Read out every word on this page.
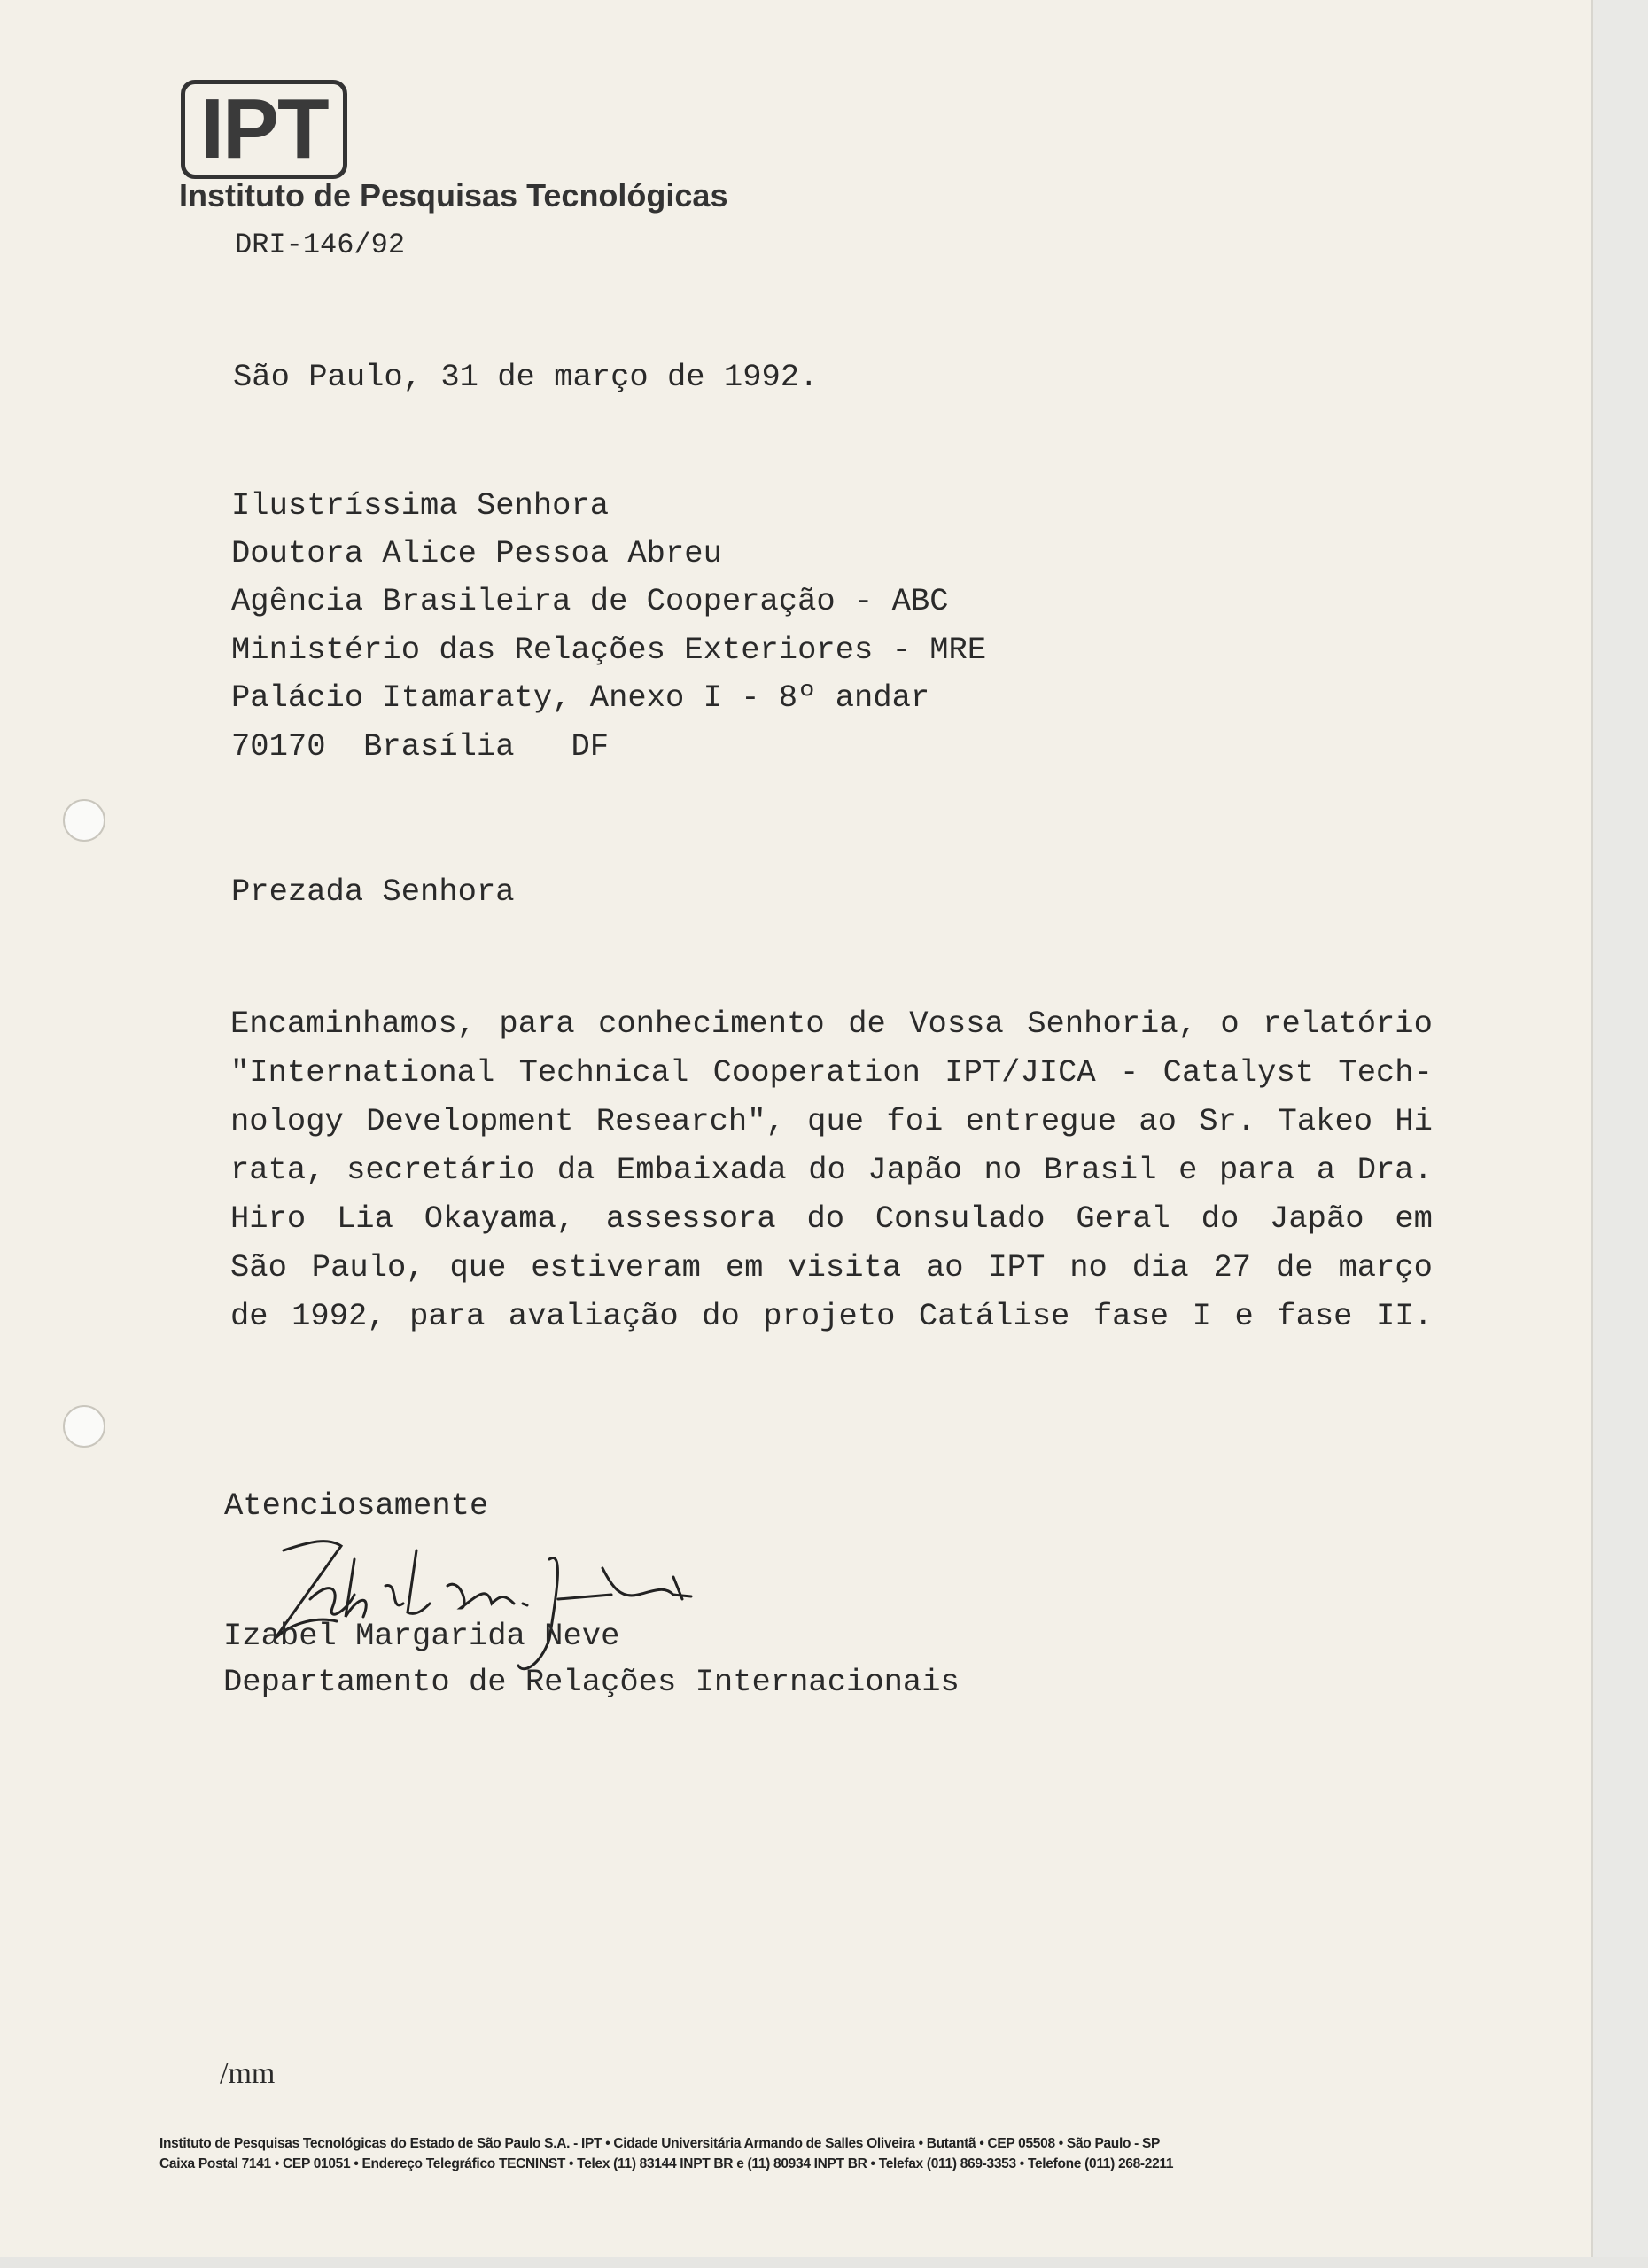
IPT
Instituto de Pesquisas Tecnológicas
DRI-146/92
São Paulo, 31 de março de 1992.
Ilustríssima Senhora
Doutora Alice Pessoa Abreu
Agência Brasileira de Cooperação - ABC
Ministério das Relações Exteriores - MRE
Palácio Itamaraty, Anexo I - 8º andar
70170  Brasília   DF
Prezada Senhora
Encaminhamos, para conhecimento de Vossa Senhoria, o relatório
"International Technical Cooperation IPT/JICA - Catalyst Tech-
nology Development Research", que foi entregue ao Sr. Takeo Hi
rata, secretário da Embaixada do Japão no Brasil e para a Dra.
Hiro Lia Okayama, assessora do Consulado Geral do Japão em
São Paulo, que estiveram em visita ao IPT no dia 27 de março
de 1992, para avaliação do projeto Catálise fase I e fase II.
Atenciosamente
Izabel Margarida Neve
Departamento de Relações Internacionais
/mm
Instituto de Pesquisas Tecnológicas do Estado de São Paulo S.A. - IPT • Cidade Universitária Armando de Salles Oliveira • Butantã • CEP 05508 • São Paulo - SP
Caixa Postal 7141 • CEP 01051 • Endereço Telegráfico TECNINST • Telex (11) 83144 INPT BR e (11) 80934 INPT BR • Telefax (011) 869-3353 • Telefone (011) 268-2211
